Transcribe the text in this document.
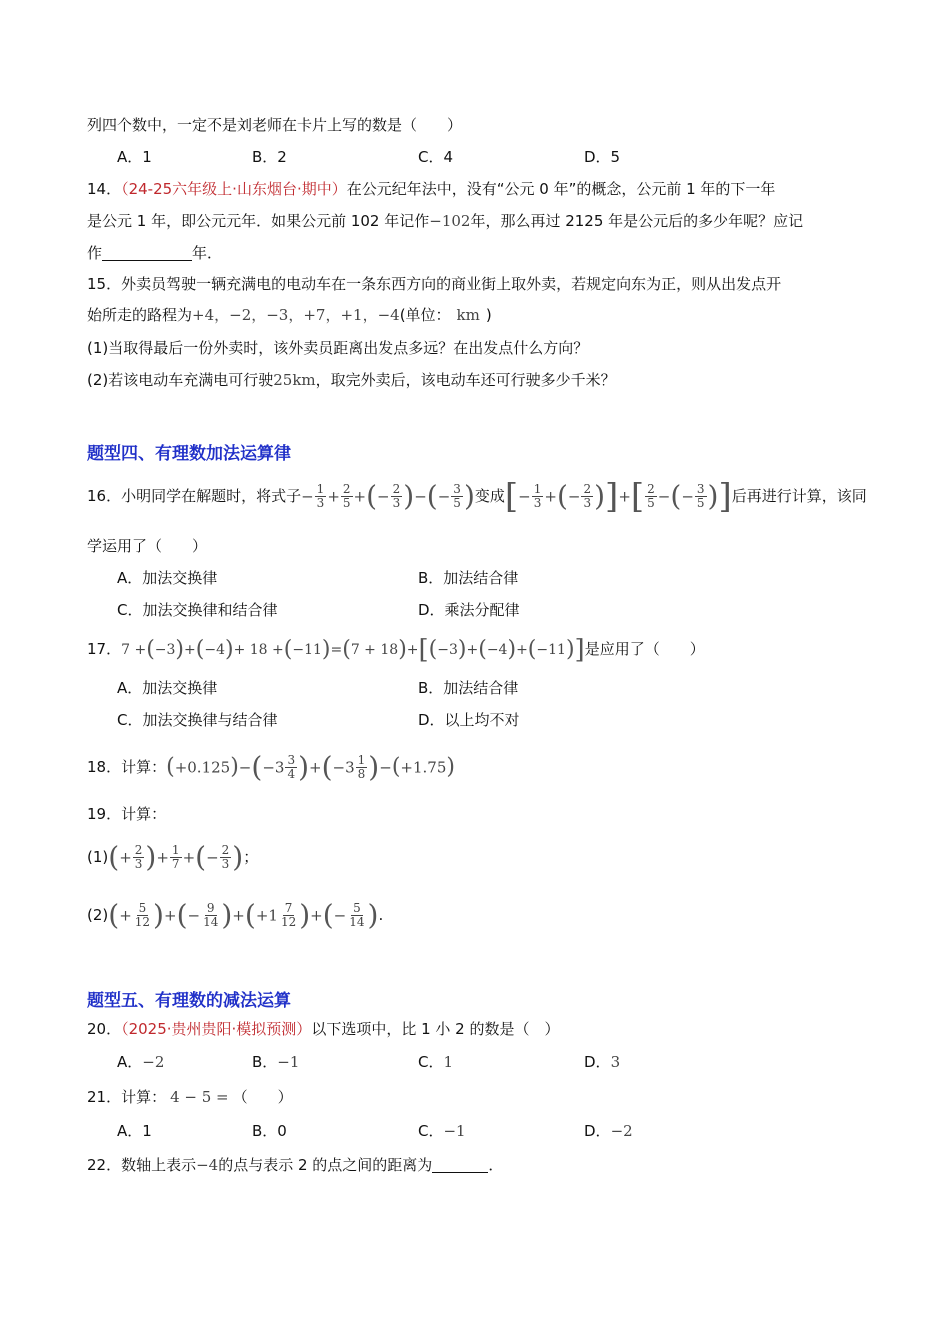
列四个数中，一定不是刘老师在卡片上写的数是（　　）
A．1	B．2	C．4	D．5
14．（24-25六年级上·山东烟台·期中）在公元纪年法中，没有“公元 0 年”的概念，公元前 1 年的下一年
是公元 1 年，即公元元年．如果公元前 102 年记作−102年，那么再过 2125 年是公元后的多少年呢？应记
作	年．
15．外卖员驾驶一辆充满电的电动车在一条东西方向的商业街上取外卖，若规定向东为正，则从出发点开
始所走的路程为+4，−2，−3，+7，+1，−4(单位： km )
(1)当取得最后一份外卖时，该外卖员距离出发点多远？在出发点什么方向？
(2)若该电动车充满电可行驶25km，取完外卖后，该电动车还可行驶多少千米？
题型四、有理数加法运算律
16．小明同学在解题时，将式子− $\frac{1}{3} + \frac{2}{5}$ +(− $\frac{2}{3}$ )−(− $\frac{3}{5}$ )变成[− $\frac{1}{3}$ +(− $\frac{2}{3}$ )]+[ $\frac{2}{5}$ −(− $\frac{3}{5}$ )]后再进行计算，该同
学运用了（　　）
A．加法交换律	B．加法结合律
C．加法交换律和结合律	D．乘法分配律
17．7 +(−3)+(−4)+ 18 +(−11)=(7 + 18)+[(−3)+(−4)+(−11)]是应用了（　　）
A．加法交换律	B．加法结合律
C．加法交换律与结合律	D．以上均不对
18．计算：$(+0.125)-(-3 \frac{3}{4} )+(-3 \frac{1}{8} )-(+1.75)$
19．计算：
$(1)(+ \frac{2}{3}$ )+ $\frac{1}{7}$ +(− $\frac{2}{3}$ )；
$(2)(+ \frac{5}{12}$ )+(− $\frac{9}{14} )+(+1 \frac{7}{12}$ )+(− $\frac{5}{14}$ ).
题型五、有理数的减法运算
20．（2025·贵州贵阳·模拟预测）以下选项中，比 1 小 2 的数是（　）
A．−2	B．−1	C．1	D．3
21．计算： 4 − 5 = （　　）
A．1	B．0	C．−1	D．−2
22．数轴上表示−4的点与表示 2 的点之间的距离为	．
